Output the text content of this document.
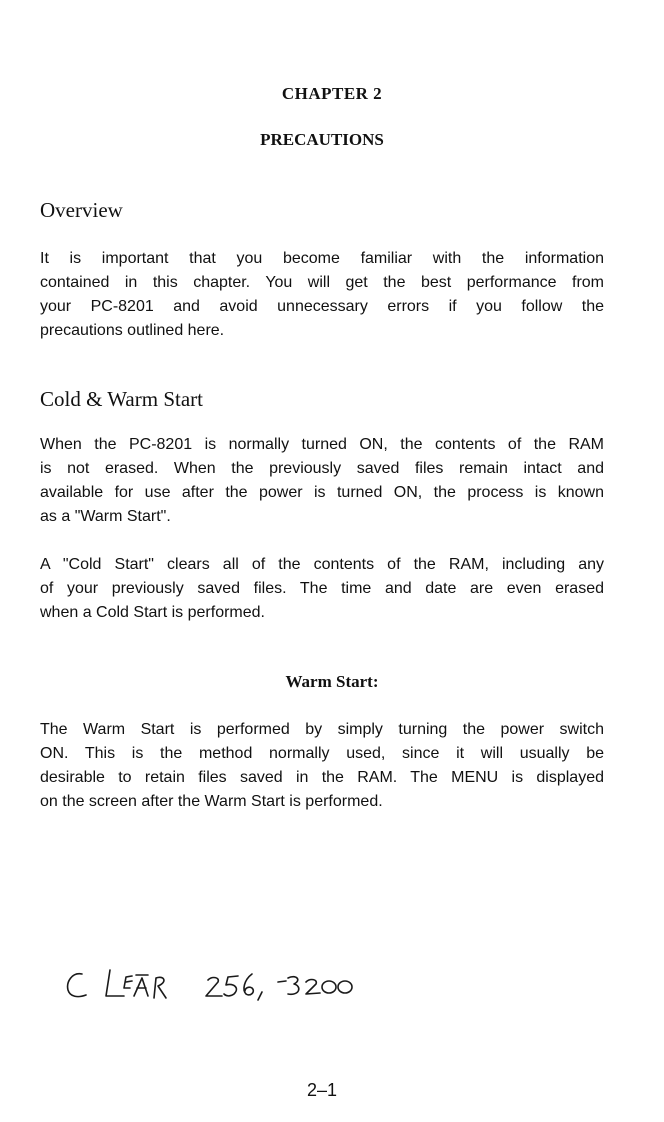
CHAPTER 2
PRECAUTIONS
Overview
It is important that you become familiar with the information
contained in this chapter. You will get the best performance from
your PC-8201 and avoid unnecessary errors if you follow the
precautions outlined here.
Cold & Warm Start
When the PC-8201 is normally turned ON, the contents of the RAM
is not erased. When the previously saved files remain intact and
available for use after the power is turned ON, the process is known
as a "Warm Start".
A "Cold Start" clears all of the contents of the RAM, including any
of your previously saved files. The time and date are even erased
when a Cold Start is performed.
Warm Start:
The Warm Start is performed by simply turning the power switch
ON. This is the method normally used, since it will usually be
desirable to retain files saved in the RAM. The MENU is displayed
on the screen after the Warm Start is performed.
2–1
